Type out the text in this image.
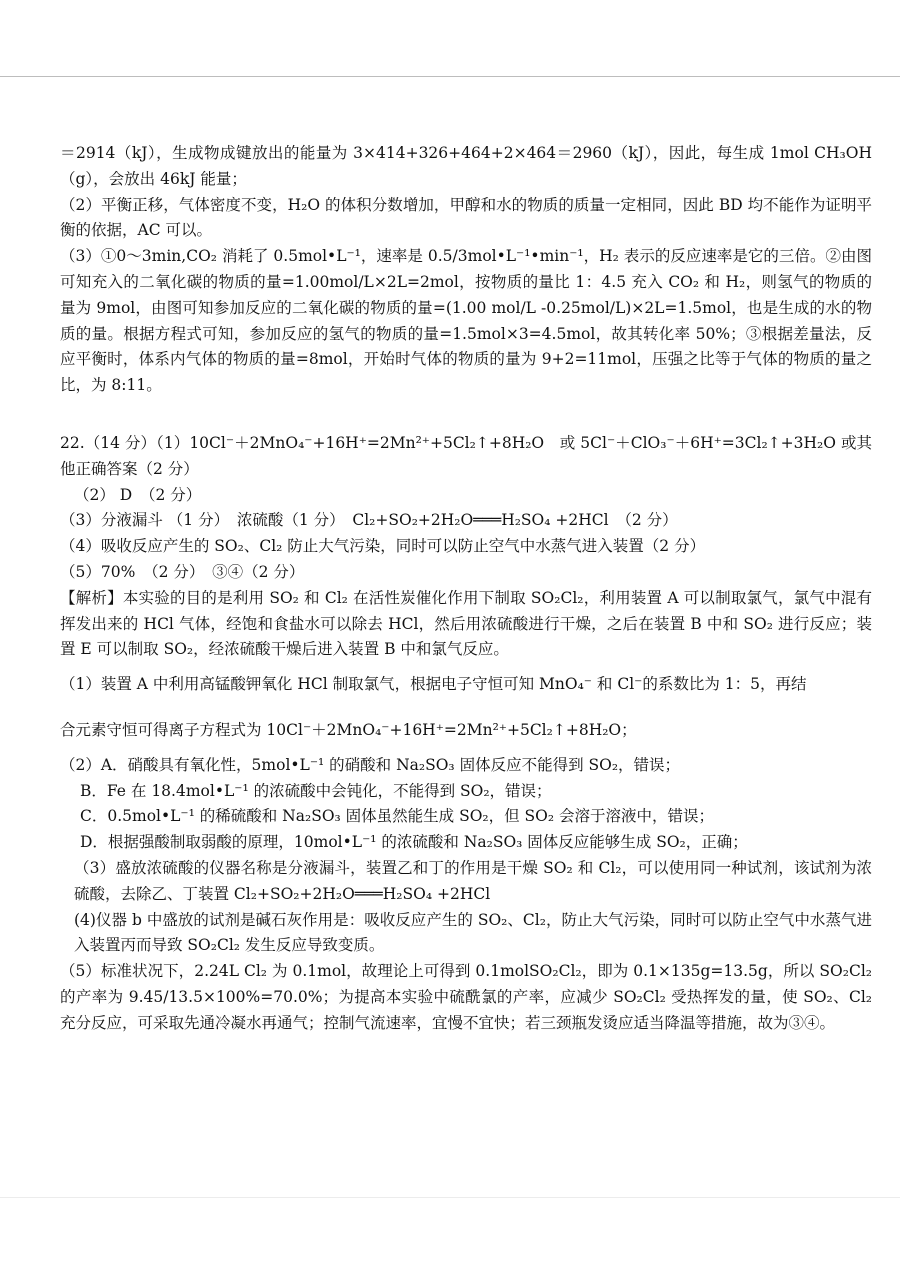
＝2914（kJ），生成物成键放出的能量为 3×414+326+464+2×464＝2960（kJ），因此，每生成 1mol CH₃OH（g），会放出 46kJ 能量；

（2）平衡正移，气体密度不变，H₂O 的体积分数增加，甲醇和水的物质的质量一定相同，因此 BD 均不能作为证明平衡的依据，AC 可以。

（3）①0～3min,CO₂ 消耗了 0.5mol•L⁻¹，速率是 0.5/3mol•L⁻¹•min⁻¹，H₂ 表示的反应速率是它的三倍。②由图可知充入的二氧化碳的物质的量=1.00mol/L×2L=2mol，按物质的量比 1：4.5 充入 CO₂ 和 H₂，则氢气的物质的量为 9mol，由图可知参加反应的二氧化碳的物质的量=(1.00 mol/L -0.25mol/L)×2L=1.5mol，也是生成的水的物质的量。根据方程式可知，参加反应的氢气的物质的量=1.5mol×3=4.5mol，故其转化率 50%；③根据差量法，反应平衡时，体系内气体的物质的量=8mol，开始时气体的物质的量为 9+2=11mol，压强之比等于气体的物质的量之比，为 8:11。

22.（14 分）（1）10Cl⁻＋2MnO₄⁻+16H⁺=2Mn²⁺+5Cl₂↑+8H₂O　或 5Cl⁻＋ClO₃⁻＋6H⁺=3Cl₂↑+3H₂O 或其他正确答案（2 分）

（2） D　（2 分）

（3）分液漏斗 （1 分）　浓硫酸（1 分）　Cl₂+SO₂+2H₂O═══H₂SO₄ +2HCl　（2 分）

（4）吸收反应产生的 SO₂、Cl₂ 防止大气污染，同时可以防止空气中水蒸气进入装置（2 分）

（5）70%　（2 分）　③④（2 分）

【解析】本实验的目的是利用 SO₂ 和 Cl₂ 在活性炭催化作用下制取 SO₂Cl₂，利用装置 A 可以制取氯气，氯气中混有挥发出来的 HCl 气体，经饱和食盐水可以除去 HCl，然后用浓硫酸进行干燥，之后在装置 B 中和 SO₂ 进行反应；装置 E 可以制取 SO₂，经浓硫酸干燥后进入装置 B 中和氯气反应。

（1）装置 A 中利用高锰酸钾氧化 HCl 制取氯气，根据电子守恒可知 MnO₄⁻ 和 Cl⁻的系数比为 1：5，再结

合元素守恒可得离子方程式为 10Cl⁻＋2MnO₄⁻+16H⁺=2Mn²⁺+5Cl₂↑+8H₂O；

（2）A．硝酸具有氧化性，5mol•L⁻¹ 的硝酸和 Na₂SO₃ 固体反应不能得到 SO₂，错误；

B．Fe 在 18.4mol•L⁻¹ 的浓硫酸中会钝化，不能得到 SO₂，错误；

C．0.5mol•L⁻¹ 的稀硫酸和 Na₂SO₃ 固体虽然能生成 SO₂，但 SO₂ 会溶于溶液中，错误；

D．根据强酸制取弱酸的原理，10mol•L⁻¹ 的浓硫酸和 Na₂SO₃ 固体反应能够生成 SO₂，正确；

（3）盛放浓硫酸的仪器名称是分液漏斗，装置乙和丁的作用是干燥 SO₂ 和 Cl₂，可以使用同一种试剂，该试剂为浓硫酸，去除乙、丁装置 Cl₂+SO₂+2H₂O═══H₂SO₄ +2HCl

(4)仪器 b 中盛放的试剂是碱石灰作用是：吸收反应产生的 SO₂、Cl₂，防止大气污染，同时可以防止空气中水蒸气进入装置丙而导致 SO₂Cl₂ 发生反应导致变质。

（5）标准状况下，2.24L Cl₂ 为 0.1mol，故理论上可得到 0.1molSO₂Cl₂，即为 0.1×135g=13.5g，所以 SO₂Cl₂ 的产率为 9.45/13.5×100%=70.0%；为提高本实验中硫酰氯的产率，应减少 SO₂Cl₂ 受热挥发的量，使 SO₂、Cl₂ 充分反应，可采取先通冷凝水再通气；控制气流速率，宜慢不宜快；若三颈瓶发烫应适当降温等措施，故为③④。
